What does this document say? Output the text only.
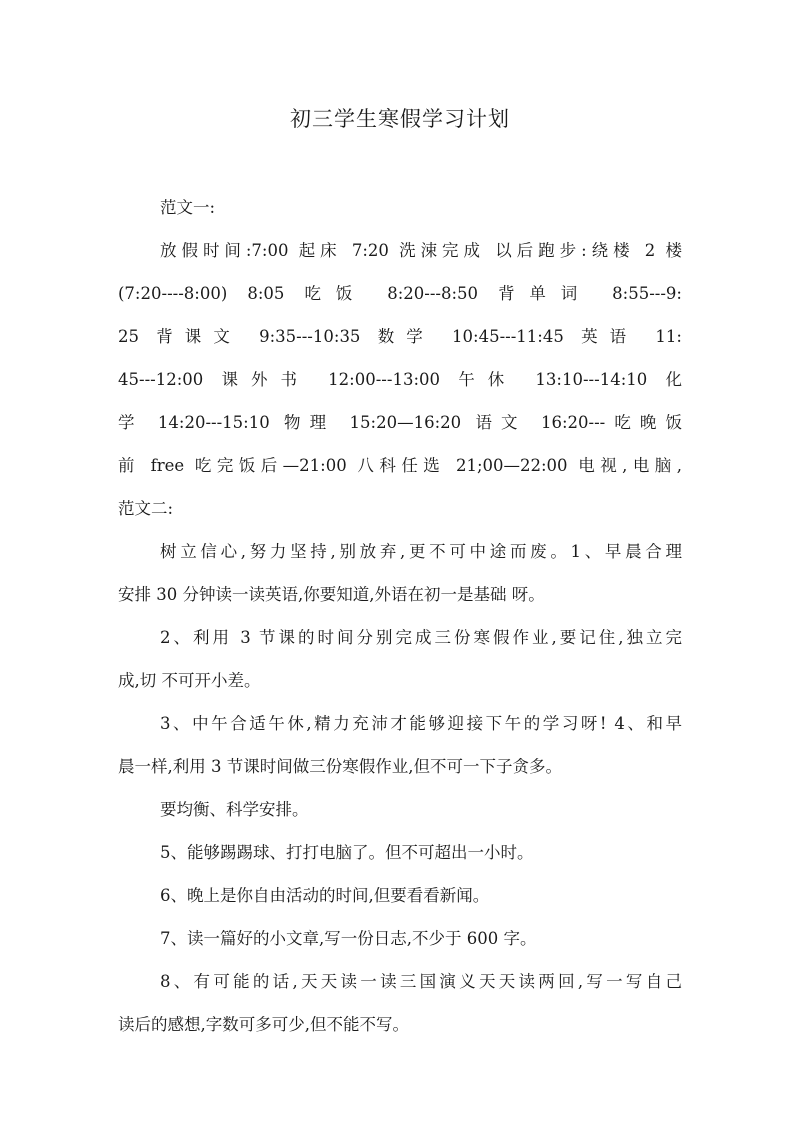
初三学生寒假学习计划

范文一:

放假时间:7:00 起床 7:20 洗涑完成 以后跑步:绕楼 2 楼

(7:20----8:00) 8:05 吃饭 8:20---8:50 背单词 8:55---9:

25 背课文 9:35---10:35 数学 10:45---11:45 英语 11:

45---12:00 课外书 12:00---13:00 午休 13:10---14:10 化

学 14:20---15:10 物理 15:20—16:20 语文 16:20---吃晚饭

前 free 吃完饭后—21:00 八科任选 21;00—22:00 电视,电脑,

范文二:

树立信心,努力坚持,别放弃,更不可中途而废。1、早晨合理

安排 30 分钟读一读英语,你要知道,外语在初一是基础 呀。

2、利用 3 节课的时间分别完成三份寒假作业,要记住,独立完

成,切 不可开小差。

3、中午合适午休,精力充沛才能够迎接下午的学习呀! 4、和早

晨一样,利用 3 节课时间做三份寒假作业,但不可一下子贪多。

要均衡、科学安排。

5、能够踢踢球、打打电脑了。但不可超出一小时。

6、晚上是你自由活动的时间,但要看看新闻。

7、读一篇好的小文章,写一份日志,不少于 600 字。

8、有可能的话,天天读一读三国演义天天读两回,写一写自己

读后的感想,字数可多可少,但不能不写。
